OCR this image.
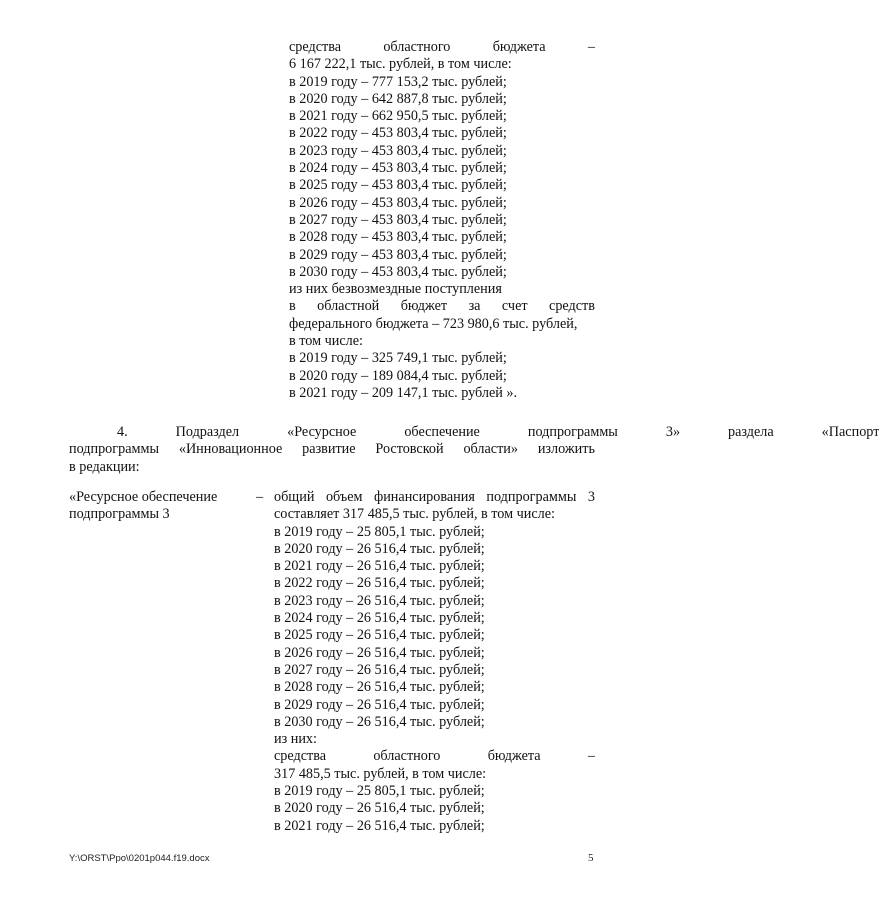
средства	областного	бюджета	–
6 167 222,1 тыс. рублей, в том числе:
в 2019 году – 777 153,2 тыс. рублей;
в 2020 году – 642 887,8 тыс. рублей;
в 2021 году – 662 950,5 тыс. рублей;
в 2022 году – 453 803,4 тыс. рублей;
в 2023 году – 453 803,4 тыс. рублей;
в 2024 году – 453 803,4 тыс. рублей;
в 2025 году – 453 803,4 тыс. рублей;
в 2026 году – 453 803,4 тыс. рублей;
в 2027 году – 453 803,4 тыс. рублей;
в 2028 году – 453 803,4 тыс. рублей;
в 2029 году – 453 803,4 тыс. рублей;
в 2030 году – 453 803,4 тыс. рублей;
из них безвозмездные поступления
в областной бюджет за счет средств
федерального бюджета – 723 980,6 тыс. рублей,
в том числе:
в 2019 году – 325 749,1 тыс. рублей;
в 2020 году – 189 084,4 тыс. рублей;
в 2021 году – 209 147,1 тыс. рублей ».
4.	Подраздел	«Ресурсное	обеспечение	подпрограммы	3»	раздела	«Паспорт
подпрограммы «Инновационное развитие Ростовской области» изложить
в редакции:
«Ресурсное обеспечение
подпрограммы 3
– общий объем финансирования подпрограммы 3
составляет 317 485,5 тыс. рублей, в том числе:
в 2019 году – 25 805,1 тыс. рублей;
в 2020 году – 26 516,4 тыс. рублей;
в 2021 году – 26 516,4 тыс. рублей;
в 2022 году – 26 516,4 тыс. рублей;
в 2023 году – 26 516,4 тыс. рублей;
в 2024 году – 26 516,4 тыс. рублей;
в 2025 году – 26 516,4 тыс. рублей;
в 2026 году – 26 516,4 тыс. рублей;
в 2027 году – 26 516,4 тыс. рублей;
в 2028 году – 26 516,4 тыс. рублей;
в 2029 году – 26 516,4 тыс. рублей;
в 2030 году – 26 516,4 тыс. рублей;
из них:
средства	областного	бюджета	–
317 485,5 тыс. рублей, в том числе:
в 2019 году – 25 805,1 тыс. рублей;
в 2020 году – 26 516,4 тыс. рублей;
в 2021 году – 26 516,4 тыс. рублей;
Y:\ORST\Ppo\0201p044.f19.docx	5
